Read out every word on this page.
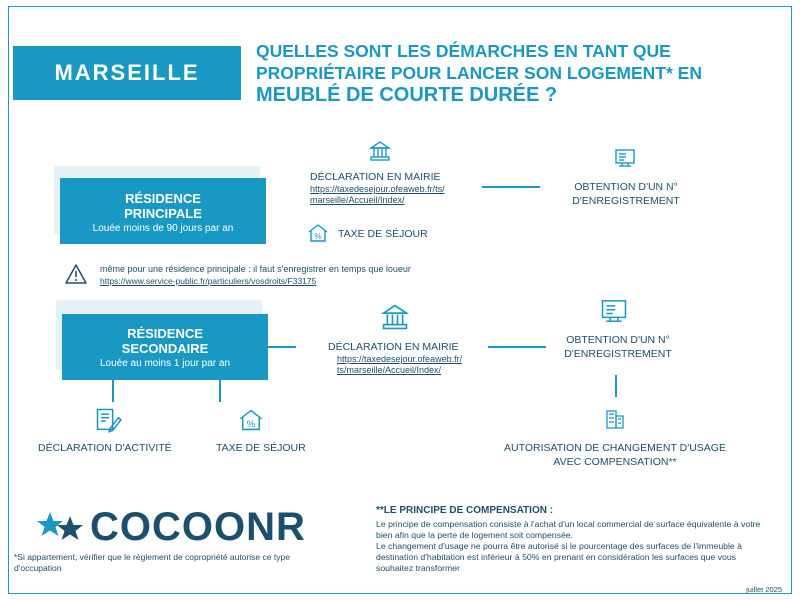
MARSEILLE
QUELLES SONT LES DÉMARCHES EN TANT QUE
PROPRIÉTAIRE POUR LANCER SON LOGEMENT* EN
MEUBLÉ DE COURTE DURÉE ?
RÉSIDENCE
PRINCIPALE
Louée moins de 90 jours par an
DÉCLARATION EN MAIRIE
https://taxedesejour.ofeaweb.fr/ts/
marseille/Accueil/Index/
% TAXE DE SÉJOUR
OBTENTION D'UN N°
D'ENREGISTREMENT
même pour une résidence principale : il faut s'enregistrer en temps que loueur
https://www.service-public.fr/particuliers/vosdroits/F33175
RÉSIDENCE
SECONDAIRE
Louée au moins 1 jour par an
DÉCLARATION EN MAIRIE
https://taxedesejour.ofeaweb.fr/
ts/marseille/Accueil/Index/
OBTENTION D'UN N°
D'ENREGISTREMENT
AUTORISATION DE CHANGEMENT D'USAGE
AVEC COMPENSATION**
DÉCLARATION D'ACTIVITÉ
%
TAXE DE SÉJOUR
COCOONR
*Si appartement, vérifier que le règlement de copropriété autorise ce type d'occupation
**LE PRINCIPE DE COMPENSATION :

Le principe de compensation consiste à l'achat d'un local commercial de surface équivalente à votre bien afin que la perte de logement soit compensée.

Le changement d'usage ne pourra être autorisé si le pourcentage des surfaces de l'immeuble à destination d'habitation est inférieur à 50% en prenant en considération les surfaces que vous souhaitez transformer

juillet 2025
